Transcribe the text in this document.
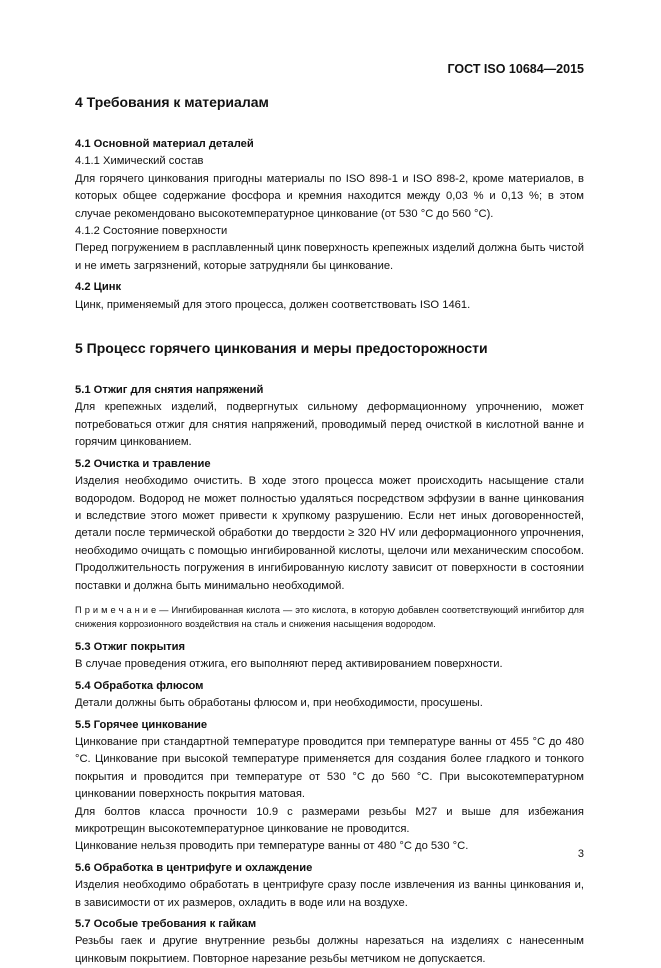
ГОСТ ISO 10684—2015
4 Требования к материалам
4.1 Основной материал деталей
4.1.1 Химический состав

Для горячего цинкования пригодны материалы по ISO 898-1 и ISO 898-2, кроме материалов, в которых общее содержание фосфора и кремния находится между 0,03 % и 0,13 %; в этом случае рекомендовано высокотемпературное цинкование (от 530 °С до 560 °С).

4.1.2 Состояние поверхности

Перед погружением в расплавленный цинк поверхность крепежных изделий должна быть чистой и не иметь загрязнений, которые затрудняли бы цинкование.

4.2 Цинк

Цинк, применяемый для этого процесса, должен соответствовать ISO 1461.

5 Процесс горячего цинкования и меры предосторожности
5.1 Отжиг для снятия напряжений

Для крепежных изделий, подвергнутых сильному деформационному упрочнению, может потребоваться отжиг для снятия напряжений, проводимый перед очисткой в кислотной ванне и горячим цинкованием.

5.2 Очистка и травление

Изделия необходимо очистить. В ходе этого процесса может происходить насыщение стали водородом. Водород не может полностью удаляться посредством эффузии в ванне цинкования и вследствие этого может привести к хрупкому разрушению. Если нет иных договоренностей, детали после термической обработки до твердости ≥ 320 HV или деформационного упрочнения, необходимо очищать с помощью ингибированной кислоты, щелочи или механическим способом. Продолжительность погружения в ингибированную кислоту зависит от поверхности в состоянии поставки и должна быть минимально необходимой.

П р и м е ч а н и е — Ингибированная кислота — это кислота, в которую добавлен соответствующий ингибитор для снижения коррозионного воздействия на сталь и снижения насыщения водородом.

5.3 Отжиг покрытия

В случае проведения отжига, его выполняют перед активированием поверхности.

5.4 Обработка флюсом

Детали должны быть обработаны флюсом и, при необходимости, просушены.

5.5 Горячее цинкование

Цинкование при стандартной температуре проводится при температуре ванны от 455 °С до 480 °С. Цинкование при высокой температуре применяется для создания более гладкого и тонкого покрытия и проводится при температуре от 530 °С до 560 °С. При высокотемпературном цинковании поверхность покрытия матовая.

Для болтов класса прочности 10.9 с размерами резьбы М27 и выше для избежания микротрещин высокотемпературное цинкование не проводится.

Цинкование нельзя проводить при температуре ванны от 480 °С до 530 °С.

5.6 Обработка в центрифуге и охлаждение

Изделия необходимо обработать в центрифуге сразу после извлечения из ванны цинкования и, в зависимости от их размеров, охладить в воде или на воздухе.

5.7 Особые требования к гайкам

Резьбы гаек и другие внутренние резьбы должны нарезаться на изделиях с нанесенным цинковым покрытием. Повторное нарезание резьбы метчиком не допускается.

3
